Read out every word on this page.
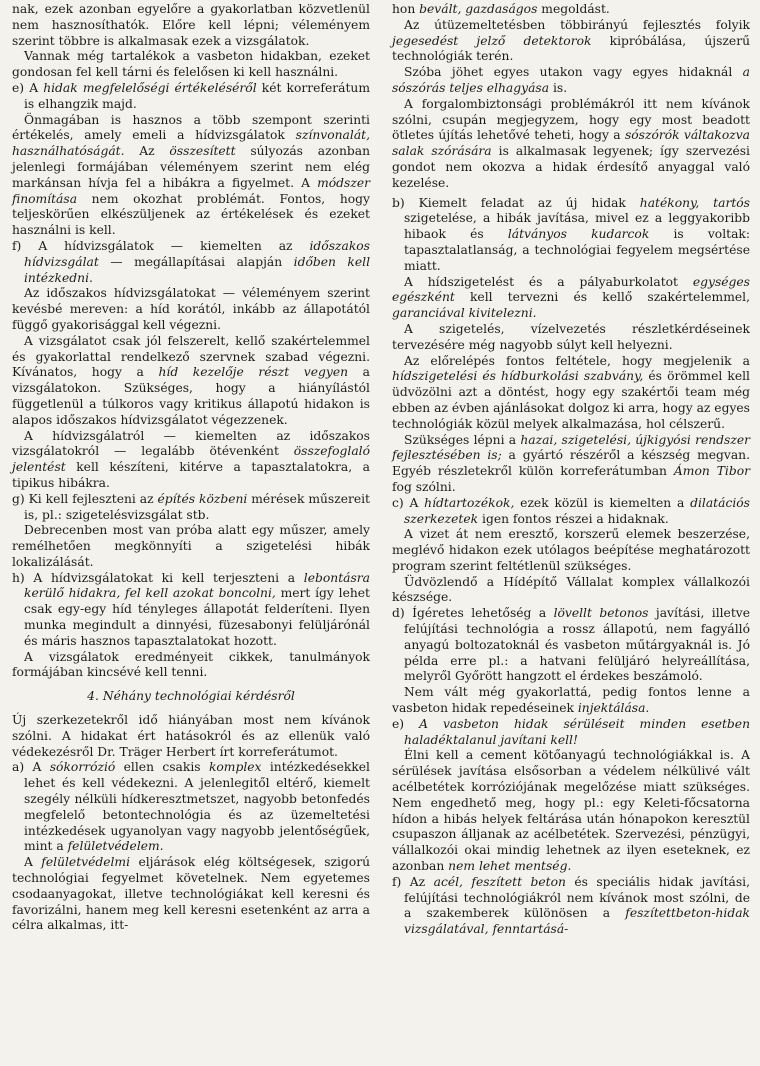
nak, ezek azonban egyelőre a gyakorlatban közvetlenül nem hasznosíthatók. Előre kell lépni; véleményem szerint többre is alkalmasak ezek a vizsgálatok.

Vannak még tartalékok a vasbeton hidakban, ezeket gondosan fel kell tárni és felelősen ki kell használni.

e) A hidak megfelelőségi értékeléséről két korreferátum is elhangzik majd.

Önmagában is hasznos a több szempont szerinti értékelés, amely emeli a hídvizsgálatok színvonalát, használhatóságát. Az összesített súlyozás azonban jelenlegi formájában véleményem szerint nem elég markánsan hívja fel a hibákra a figyelmet. A módszer finomítása nem okozhat problémát. Fontos, hogy teljeskörűen elkészüljenek az értékelések és ezeket használni is kell.

f) A hídvizsgálatok — kiemelten az időszakos hídvizsgálat — megállapításai alapján időben kell intézkedni.

Az időszakos hídvizsgálatokat — véleményem szerint kevésbé mereven: a híd korától, inkább az állapotától függő gyakorisággal kell végezni.

A vizsgálatot csak jól felszerelt, kellő szakértelemmel és gyakorlattal rendelkező szervnek szabad végezni. Kívánatos, hogy a híd kezelője részt vegyen a vizsgálatokon. Szükséges, hogy a hiányílástól függetlenül a túlkoros vagy kritikus állapotú hidakon is alapos időszakos hídvizsgálatot végezzenek.

A hídvizsgálatról — kiemelten az időszakos vizsgálatokról — legalább ötévenként összefoglaló jelentést kell készíteni, kitérve a tapasztalatokra, a tipikus hibákra.

g) Ki kell fejleszteni az építés közbeni mérések műszereit is, pl.: szigetelésvizsgálat stb.

Debrecenben most van próba alatt egy műszer, amely remélhetően megkönnyíti a szigetelési hibák lokalizálását.

h) A hídvizsgálatokat ki kell terjeszteni a lebontásra kerülő hidakra, fel kell azokat boncolni, mert így lehet csak egy-egy híd tényleges állapotát felderíteni. Ilyen munka megindult a dinnyési, füzesabonyi felüljárónál és máris hasznos tapasztalatokat hozott.

A vizsgálatok eredményeit cikkek, tanulmányok formájában kincsévé kell tenni.

4. Néhány technológiai kérdésről

Új szerkezetekről idő hiányában most nem kívánok szólni. A hidakat ért hatásokról és az ellenük való védekezésről Dr. Träger Herbert írt korreferátumot.

a) A sókorrózió ellen csakis komplex intézkedésekkel lehet és kell védekezni. A jelenlegitől eltérő, kiemelt szegély nélküli hídkeresztmetszet, nagyobb betonfedés megfelelő betontechnológia és az üzemeltetési intézkedések ugyanolyan vagy nagyobb jelentőségűek, mint a felületvédelem.

A felületvédelmi eljárások elég költségesek, szigorú technológiai fegyelmet követelnek. Nem egyetemes csodaanyagokat, illetve technológiákat kell keresni és favorizálni, hanem meg kell keresni esetenként az arra a célra alkalmas, itt-

hon bevált, gazdaságos megoldást.

Az útüzemeltetésben többirányú fejlesztés folyik jegesedést jelző detektorok kipróbálása, újszerű technológiák terén.

Szóba jöhet egyes utakon vagy egyes hidaknál a sószórás teljes elhagyása is.

A forgalombiztonsági problémákról itt nem kívánok szólni, csupán megjegyzem, hogy egy most beadott ötletes újítás lehetővé teheti, hogy a sószórók váltakozva salak szórására is alkalmasak legyenek; így szervezési gondot nem okozva a hidak érdesítő anyaggal való kezelése.

b) Kiemelt feladat az új hidak hatékony, tartós szigetelése, a hibák javítása, mivel ez a leggyakoribb hibaok és látványos kudarcok is voltak: tapasztalatlanság, a technológiai fegyelem megsértése miatt.

A hídszigetelést és a pályaburkolatot egységes egészként kell tervezni és kellő szakértelemmel, garanciával kivitelezni.

A szigetelés, vízelvezetés részletkérdéseinek tervezésére még nagyobb súlyt kell helyezni.

Az előrelépés fontos feltétele, hogy megjelenik a hídszigetelési és hídburkolási szabvány, és örömmel kell üdvözölni azt a döntést, hogy egy szakértői team még ebben az évben ajánlásokat dolgoz ki arra, hogy az egyes technológiák közül melyek alkalmazása, hol célszerű.

Szükséges lépni a hazai, szigetelési, újkigyósi rendszer fejlesztésében is; a gyártó részéről a készség megvan. Egyéb részletekről külön korreferátumban Ámon Tibor fog szólni.

c) A hídtartozékok, ezek közül is kiemelten a dilatációs szerkezetek igen fontos részei a hidaknak.

A vizet át nem eresztő, korszerű elemek beszerzése, meglévő hidakon ezek utólagos beépítése meghatározott program szerint feltétlenül szükséges.

Üdvözlendő a Hídépítő Vállalat komplex vállalkozói készsége.

d) Ígéretes lehetőség a lövellt betonos javítási, illetve felújítási technológia a rossz állapotú, nem fagyálló anyagú boltozatoknál és vasbeton műtárgyaknál is. Jó példa erre pl.: a hatvani felüljáró helyreállítása, melyről Győrött hangzott el érdekes beszámoló.

Nem vált még gyakorlattá, pedig fontos lenne a vasbeton hidak repedéseinek injektálása.

e) A vasbeton hidak sérüléseit minden esetben haladéktalanul javítani kell!

Élni kell a cement kötőanyagú technológiákkal is. A sérülések javítása elsősorban a védelem nélkülivé vált acélbetétek korróziójának megelőzése miatt szükséges. Nem engedhető meg, hogy pl.: egy Keleti-főcsatorna hídon a hibás helyek feltárása után hónapokon keresztül csupaszon álljanak az acélbetétek. Szervezési, pénzügyi, vállalkozói okai mindig lehetnek az ilyen eseteknek, ez azonban nem lehet mentség.

f) Az acél, feszített beton és speciális hidak javítási, felújítási technológiákról nem kívánok most szólni, de a szakemberek különösen a feszítettbeton-hidak vizsgálatával, fenntartásá-
